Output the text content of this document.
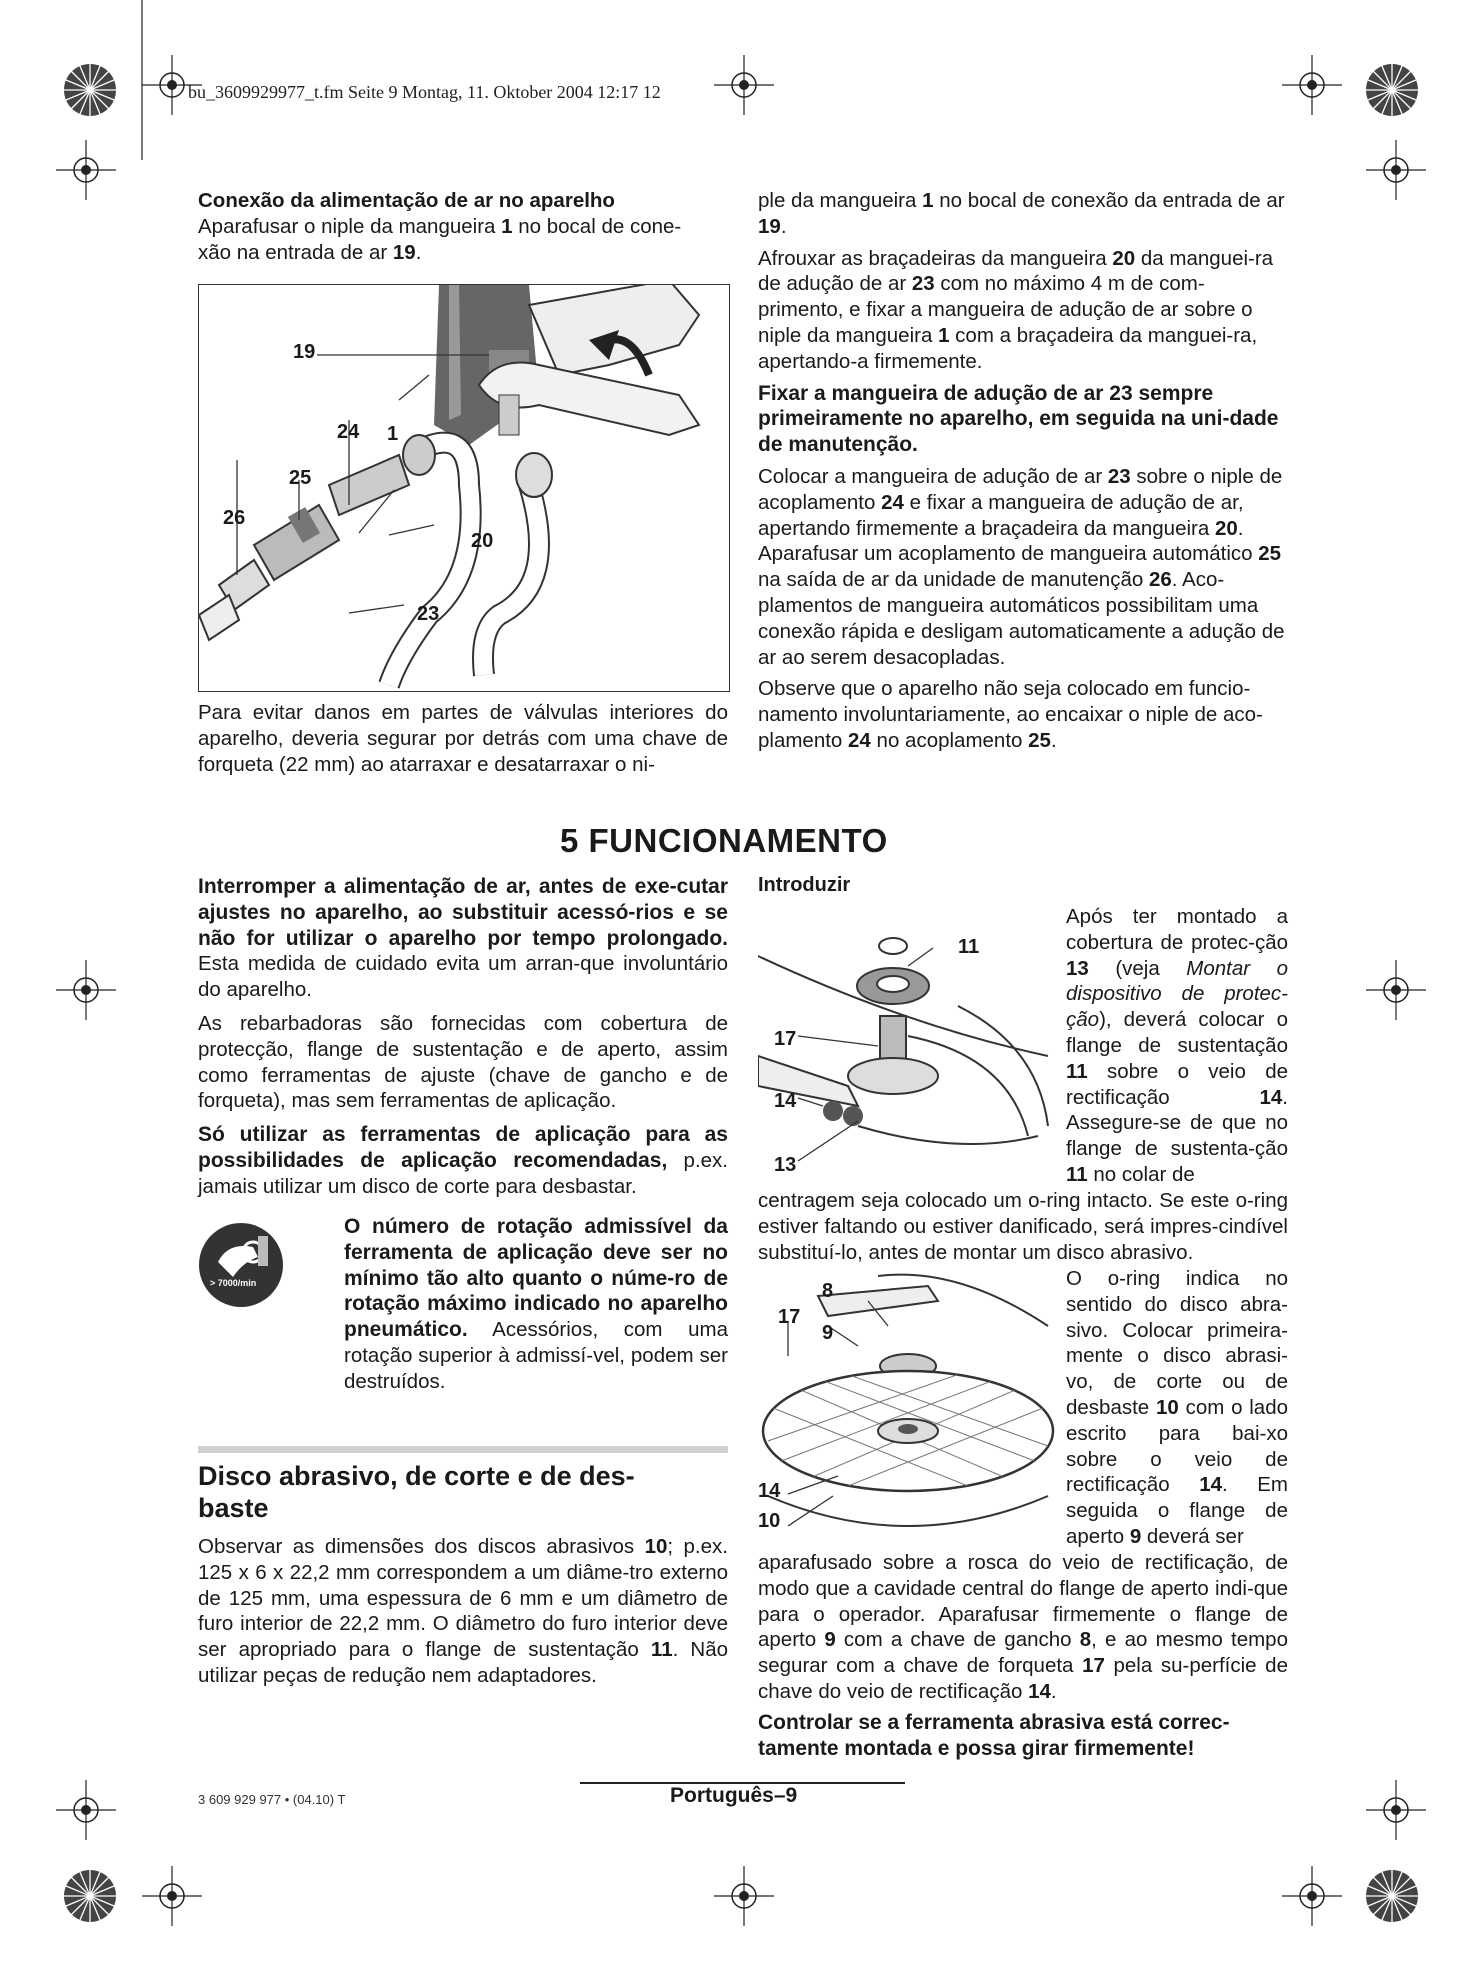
bu_3609929977_t.fm Seite 9 Montag, 11. Oktober 2004 12:17 12
Conexão da alimentação de ar no aparelho
Aparafusar o niple da mangueira 1 no bocal de cone-
xão na entrada de ar 19.
19
24 1
25
26
20
23
Para evitar danos em partes de válvulas interiores do aparelho, deveria segurar por detrás com uma chave de forqueta (22 mm) ao atarraxar e desatarraxar o ni-

ple da mangueira 1 no bocal de conexão da entrada de ar 19.

Afrouxar as braçadeiras da mangueira 20 da manguei-ra de adução de ar 23 com no máximo 4 m de com-primento, e fixar a mangueira de adução de ar sobre o niple da mangueira 1 com a braçadeira da manguei-ra, apertando-a firmemente.

Fixar a mangueira de adução de ar 23 sempre primeiramente no aparelho, em seguida na uni-dade de manutenção.

Colocar a mangueira de adução de ar 23 sobre o niple de acoplamento 24 e fixar a mangueira de adução de ar, apertando firmemente a braçadeira da mangueira 20.

Aparafusar um acoplamento de mangueira automático 25 na saída de ar da unidade de manutenção 26. Aco-plamentos de mangueira automáticos possibilitam uma conexão rápida e desligam automaticamente a adução de ar ao serem desacopladas.

Observe que o aparelho não seja colocado em funcio-namento involuntariamente, ao encaixar o niple de aco-plamento 24 no acoplamento 25.

5 FUNCIONAMENTO

Interromper a alimentação de ar, antes de exe-cutar ajustes no aparelho, ao substituir acessó-rios e se não for utilizar o aparelho por tempo prolongado. Esta medida de cuidado evita um arran-que involuntário do aparelho.

As rebarbadoras são fornecidas com cobertura de protecção, flange de sustentação e de aperto, assim como ferramentas de ajuste (chave de gancho e de forqueta), mas sem ferramentas de aplicação.

Só utilizar as ferramentas de aplicação para as possibilidades de aplicação recomendadas, p.ex. jamais utilizar um disco de corte para desbastar.

> 7000/min
O número de rotação admissível da ferramenta de aplicação deve ser no mínimo tão alto quanto o núme-ro de rotação máximo indicado no aparelho pneumático. Acessórios, com uma rotação superior à admissí-vel, podem ser destruídos.
Disco abrasivo, de corte e de des-
baste
Observar as dimensões dos discos abrasivos 10; p.ex. 125 x 6 x 22,2 mm correspondem a um diâme-tro externo de 125 mm, uma espessura de 6 mm e um diâmetro de furo interior de 22,2 mm. O diâmetro do furo interior deve ser apropriado para o flange de sustentação 11. Não utilizar peças de redução nem adaptadores.
Introduzir
11
17
14
13
Após ter montado a cobertura de protec-ção 13 (veja Montar o dispositivo de protec-ção), deverá colocar o flange de sustentação 11 sobre o veio de rectificação 14. Assegure-se de que no flange de sustenta-ção 11 no colar de
centragem seja colocado um o-ring intacto. Se este o-ring estiver faltando ou estiver danificado, será impres-cindível substituí-lo, antes de montar um disco abrasivo.
8
17
9
14
10
O o-ring indica no sentido do disco abra-sivo. Colocar primeira-mente o disco abrasi-vo, de corte ou de desbaste 10 com o lado escrito para bai-xo sobre o veio de rectificação 14. Em seguida o flange de aperto 9 deverá ser
aparafusado sobre a rosca do veio de rectificação, de modo que a cavidade central do flange de aperto indi-que para o operador. Aparafusar firmemente o flange de aperto 9 com a chave de gancho 8, e ao mesmo tempo segurar com a chave de forqueta 17 pela su-perfície de chave do veio de rectificação 14.
Controlar se a ferramenta abrasiva está correc-tamente montada e possa girar firmemente!
3 609 929 977 • (04.10) T	Português–9
